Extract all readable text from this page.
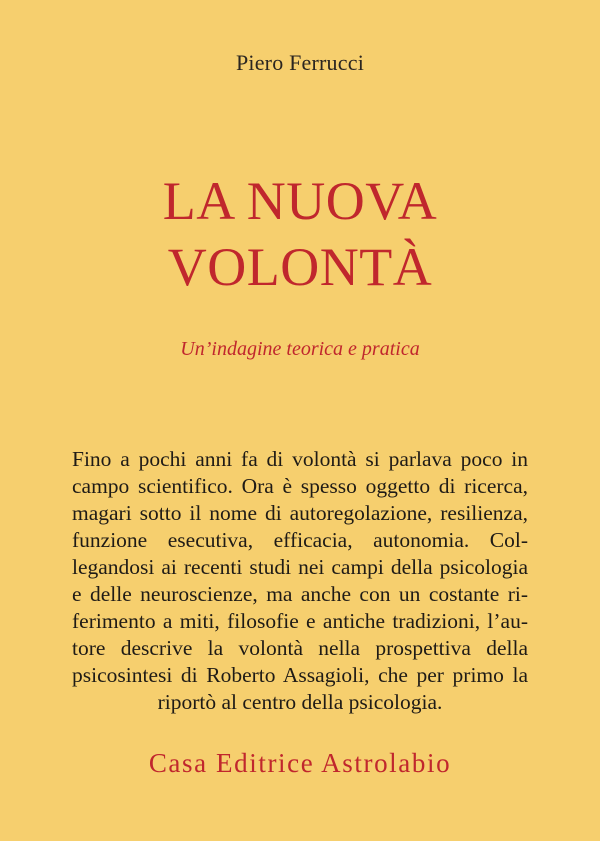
Piero Ferrucci
LA NUOVA
VOLONTÀ
Un’indagine teorica e pratica
Fino a pochi anni fa di volontà si parlava poco in
campo scientifico. Ora è spesso oggetto di ricerca,
magari sotto il nome di autoregolazione, resilienza,
funzione esecutiva, efficacia, autonomia. Col-
legandosi ai recenti studi nei campi della psicologia
e delle neuroscienze, ma anche con un costante ri-
ferimento a miti, filosofie e antiche tradizioni, l’au-
tore descrive la volontà nella prospettiva della
psicosintesi di Roberto Assagioli, che per primo la
riportò al centro della psicologia.
Casa Editrice Astrolabio
